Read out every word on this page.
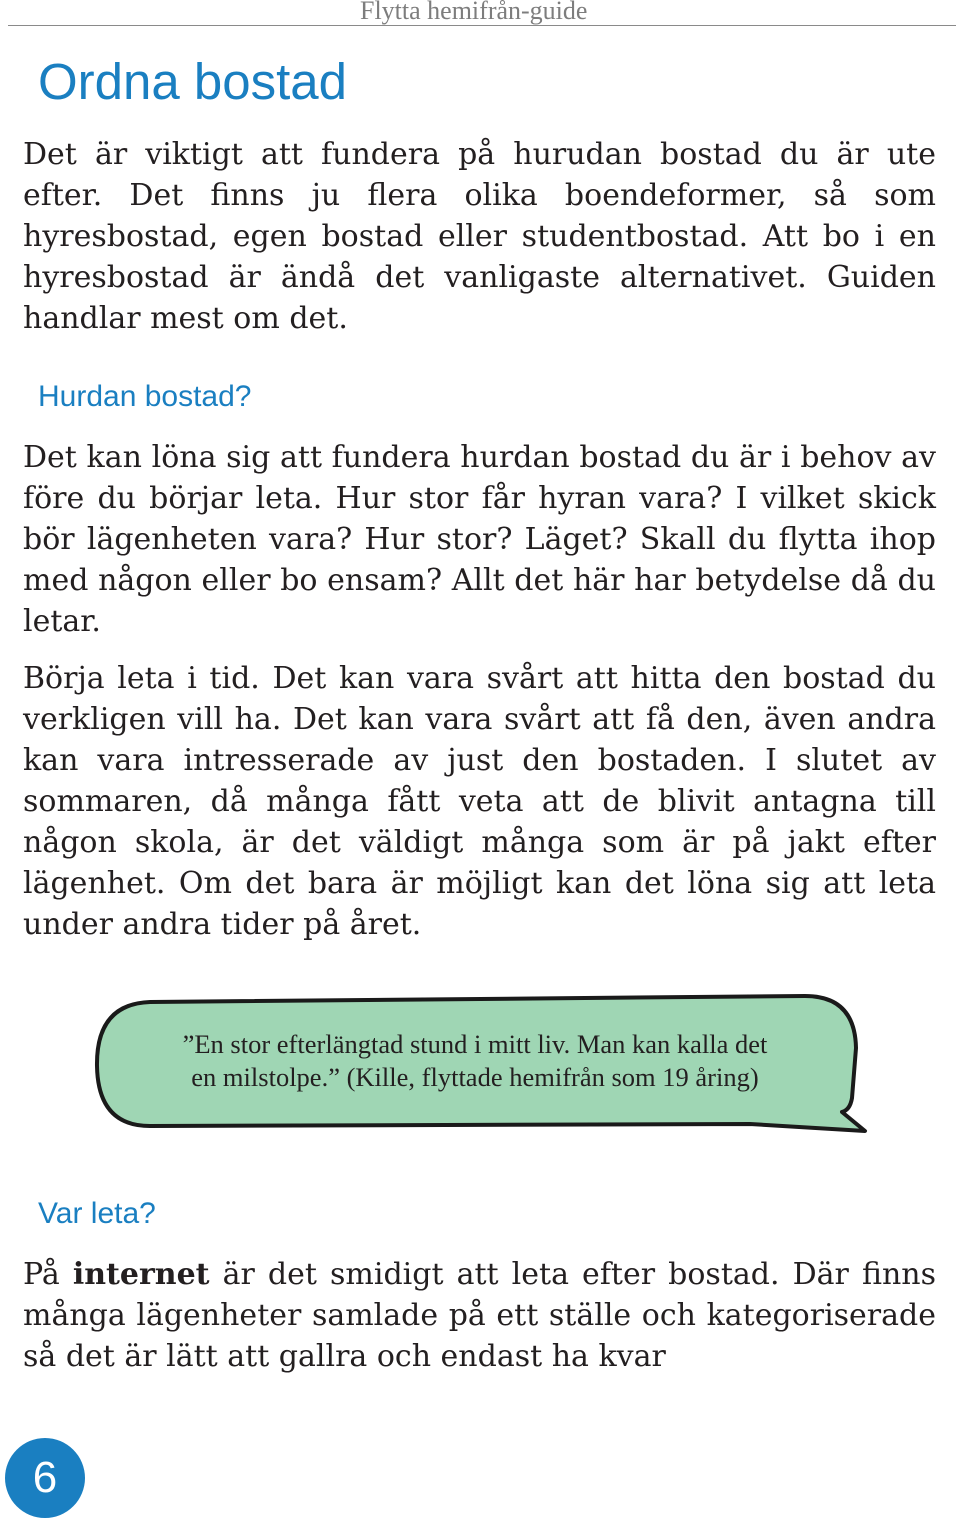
Flytta hemifrån-guide
Ordna bostad

Det är viktigt att fundera på hurudan bostad du är ute efter. Det finns ju flera olika boendeformer, så som hyresbostad, egen bostad eller studentbostad. Att bo i en hyresbostad är ändå det vanligaste alternativet. Guiden handlar mest om det.

Hurdan bostad?

Det kan löna sig att fundera hurdan bostad du är i behov av före du börjar leta. Hur stor får hyran vara? I vilket skick bör lägenheten vara? Hur stor? Läget? Skall du flytta ihop med någon eller bo ensam? Allt det här har betydelse då du letar.

Börja leta i tid. Det kan vara svårt att hitta den bostad du verkligen vill ha. Det kan vara svårt att få den, även andra kan vara intresserade av just den bostaden. I slutet av sommaren, då många fått veta att de blivit antagna till någon skola, är det väldigt många som är på jakt efter lägenhet. Om det bara är möjligt kan det löna sig att leta under andra tider på året.

”En stor efterlängtad stund i mitt liv. Man kan kalla det
en milstolpe.” (Kille, flyttade hemifrån som 19 åring)
Var leta?

På internet är det smidigt att leta efter bostad. Där finns många lägenheter samlade på ett ställe och kategoriserade så det är lätt att gallra och endast ha kvar

6
